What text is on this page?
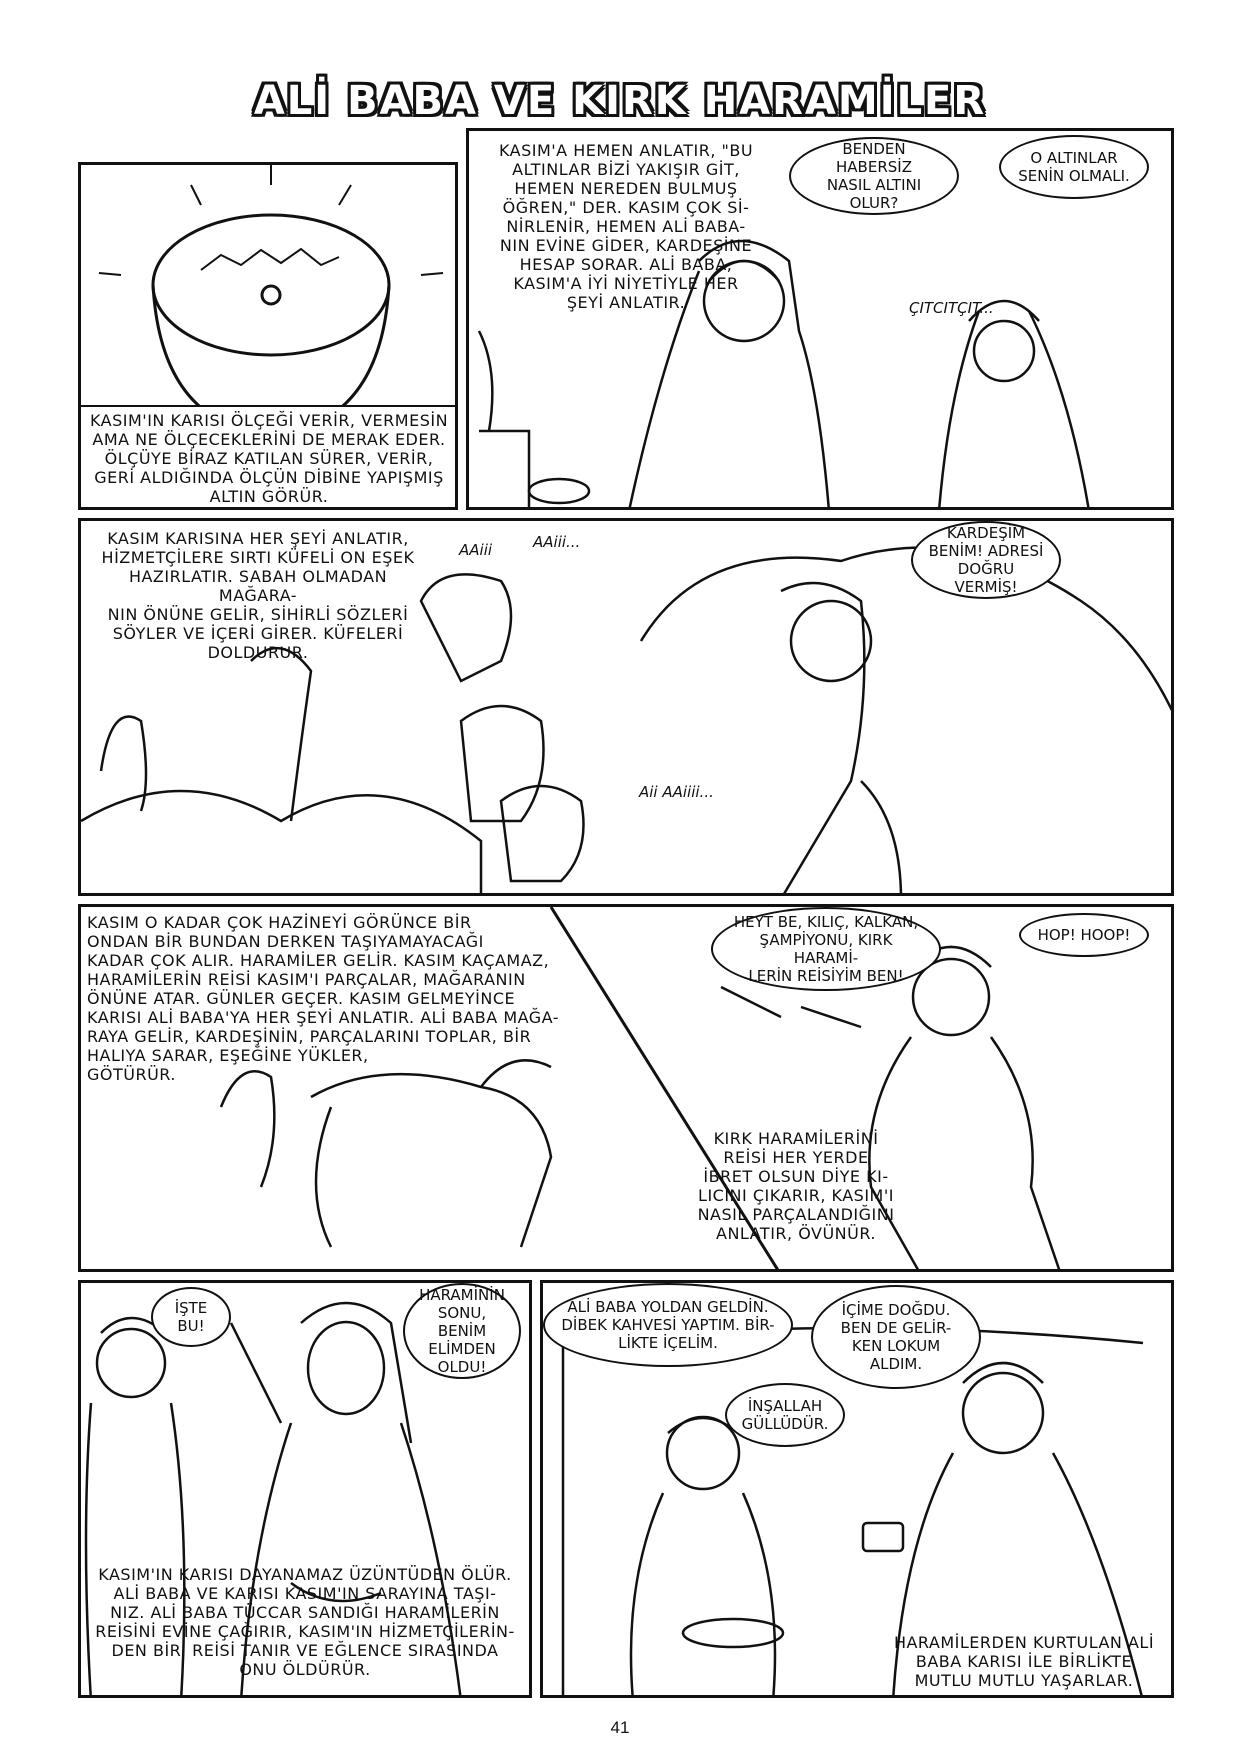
ALİ BABA VE KIRK HARAMİLER
KASIM'IN KARISI ÖLÇEĞİ VERİR, VERMESİN
AMA NE ÖLÇECEKLERİNİ DE MERAK EDER.
ÖLÇÜYE BİRAZ KATILAN SÜRER, VERİR,
GERİ ALDIĞINDA ÖLÇÜN DİBİNE YAPIŞMIŞ
ALTIN GÖRÜR.
KASIM'A HEMEN ANLATIR, "BU
ALTINLAR BİZİ YAKIŞIR GİT,
HEMEN NEREDEN BULMUŞ
ÖĞREN," DER. KASIM ÇOK Sİ-
NİRLENİR, HEMEN ALİ BABA-
NIN EVİNE GİDER, KARDEŞİNE
HESAP SORAR. ALİ BABA,
KASIM'A İYİ NİYETİYLE HER
ŞEYİ ANLATIR.
BENDEN HABERSİZ
NASIL ALTINI
OLUR?
O ALTINLAR
SENİN OLMALI.
ÇITCITÇIT...
KASIM KARISINA HER ŞEYİ ANLATIR,
HİZMETÇİLERE SIRTI KÜFELİ ON EŞEK
HAZIRLATIR. SABAH OLMADAN MAĞARA-
NIN ÖNÜNE GELİR, SİHİRLİ SÖZLERİ
SÖYLER VE İÇERİ GİRER. KÜFELERİ
DOLDURUR.
KARDEŞİM
BENİM! ADRESİ
DOĞRU VERMİŞ!
AAiii	AAiii...
Aii AAiiii...
KASIM O KADAR ÇOK HAZİNEYİ GÖRÜNCE BİR
ONDAN BİR BUNDAN DERKEN TAŞIYAMAYACAĞI
KADAR ÇOK ALIR. HARAMİLER GELİR. KASIM KAÇAMAZ,
HARAMİLERİN REİSİ KASIM'I PARÇALAR, MAĞARANIN
ÖNÜNE ATAR. GÜNLER GEÇER. KASIM GELMEYİNCE
KARISI ALİ BABA'YA HER ŞEYİ ANLATIR. ALİ BABA MAĞA-
RAYA GELİR, KARDEŞİNİN, PARÇALARINI TOPLAR, BİR
HALIYA SARAR, EŞEĞİNE YÜKLER,
GÖTÜRÜR.
HEYT BE, KILIÇ, KALKAN,
ŞAMPİYONU, KIRK HARAMİ-
LERİN REİSİYİM BEN!
HOP! HOOP!
KIRK HARAMİLERİNİ
REİSİ HER YERDE
İBRET OLSUN DİYE KI-
LICINI ÇIKARIR, KASIM'I
NASIL PARÇALANDIĞINI
ANLATIR, ÖVÜNÜR.
İŞTE
BU!
HARAMİNİN
SONU, BENİM
ELİMDEN
OLDU!
KASIM'IN KARISI DAYANAMAZ ÜZÜNTÜDEN ÖLÜR.
ALİ BABA VE KARISI KASIM'IN SARAYINA TAŞI-
NIZ. ALİ BABA TÜCCAR SANDIĞI HARAMİLERİN
REİSİNİ EVİNE ÇAĞIRIR, KASIM'IN HİZMETÇİLERİN-
DEN BİRİ REİSİ TANIR VE EĞLENCE SIRASINDA
ONU ÖLDÜRÜR.
ALİ BABA YOLDAN GELDİN.
DİBEK KAHVESİ YAPTIM. BİR-
LİKTE İÇELİM.
İÇİME DOĞDU.
BEN DE GELİR-
KEN LOKUM
ALDIM.
İNŞALLAH
GÜLLÜDÜR.
HARAMİLERDEN KURTULAN ALİ
BABA KARISI İLE BİRLİKTE
MUTLU MUTLU YAŞARLAR.
41
